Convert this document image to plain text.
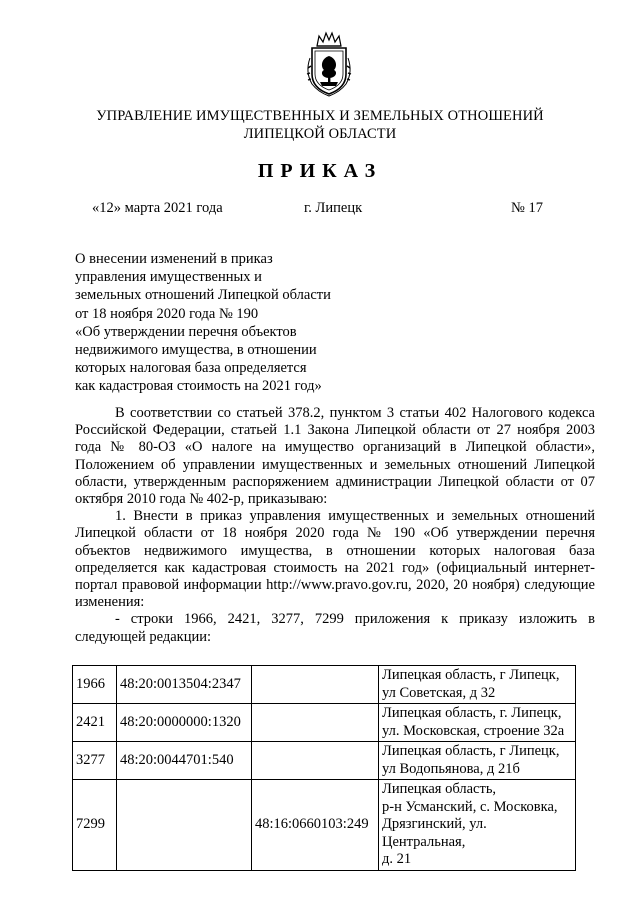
УПРАВЛЕНИЕ ИМУЩЕСТВЕННЫХ И ЗЕМЕЛЬНЫХ ОТНОШЕНИЙ
ЛИПЕЦКОЙ ОБЛАСТИ
ПРИКАЗ
«12» марта 2021 года	г. Липецк	№ 17
О внесении изменений в приказ
управления имущественных и
земельных отношений Липецкой области
от 18 ноября 2020 года № 190
«Об утверждении перечня объектов
недвижимого имущества, в отношении
которых налоговая база определяется
как кадастровая стоимость на 2021 год»

В соответствии со статьей 378.2, пунктом 3 статьи 402 Налогового кодекса Российской Федерации, статьей 1.1 Закона Липецкой области от 27 ноября 2003 года № 80-ОЗ «О налоге на имущество организаций в Липецкой области», Положением об управлении имущественных и земельных отношений Липецкой области, утвержденным распоряжением администрации Липецкой области от 07 октября 2010 года № 402-р, приказываю:

1. Внести в приказ управления имущественных и земельных отношений Липецкой области от 18 ноября 2020 года № 190 «Об утверждении перечня объектов недвижимого имущества, в отношении которых налоговая база определяется как кадастровая стоимость на 2021 год» (официальный интернет-портал правовой информации http://www.pravo.gov.ru, 2020, 20 ноября) следующие изменения:

- строки 1966, 2421, 3277, 7299 приложения к приказу изложить в следующей редакции:

1966	48:20:0013504:2347		Липецкая область, г Липецк,
ул Советская, д 32

2421	48:20:0000000:1320		Липецкая область, г. Липецк,
ул. Московская, строение 32а

3277	48:20:0044701:540		Липецкая область, г Липецк,
ул Водопьянова, д 21б

7299		48:16:0660103:249	Липецкая область,
р-н Усманский, с. Московка,
Дрязгинский, ул. Центральная,
д. 21
